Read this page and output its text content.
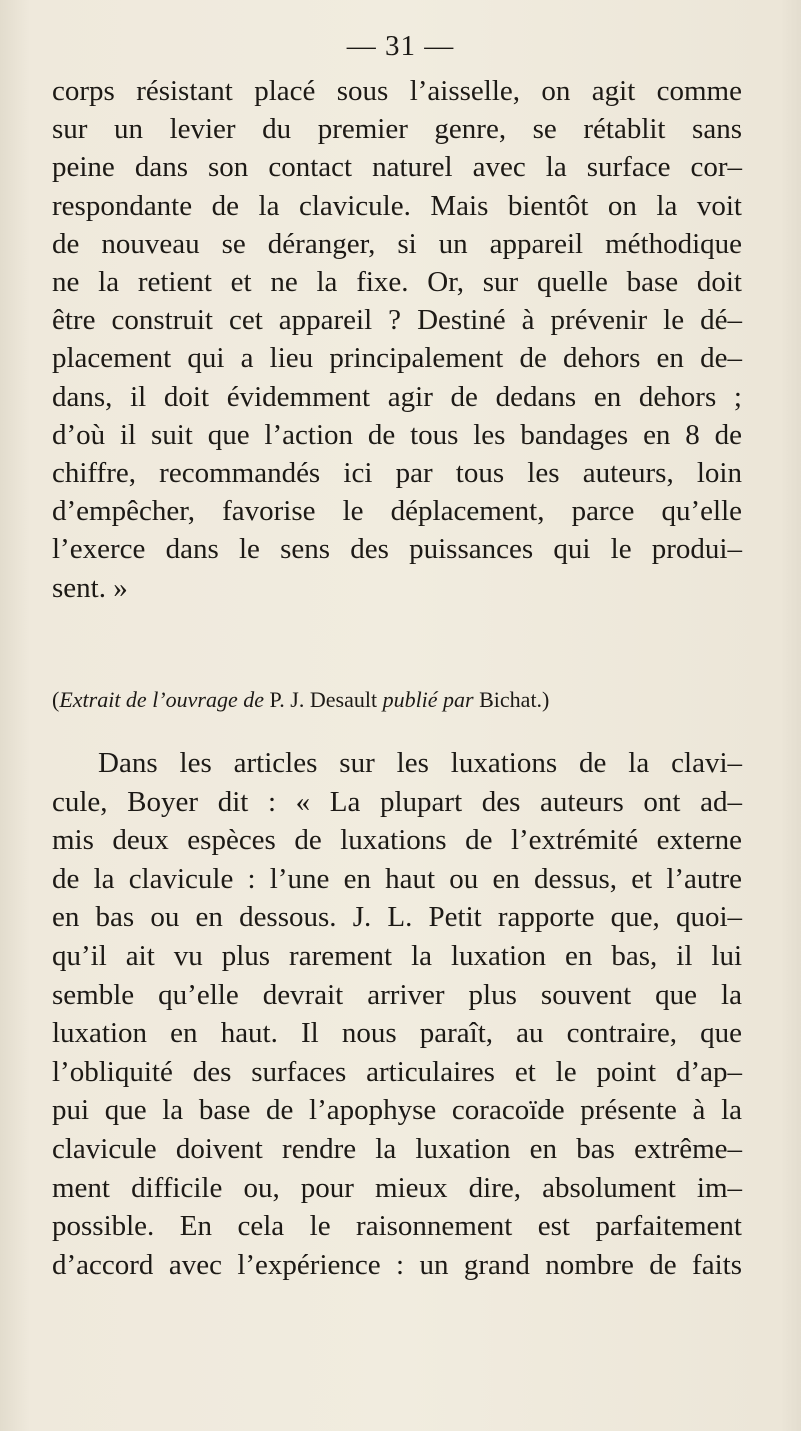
— 31 —
corps résistant placé sous l’aisselle, on agit comme
sur un levier du premier genre, se rétablit sans
peine dans son contact naturel avec la surface cor–
respondante de la clavicule. Mais bientôt on la voit
de nouveau se déranger, si un appareil méthodique
ne la retient et ne la fixe. Or, sur quelle base doit
être construit cet appareil ? Destiné à prévenir le dé–
placement qui a lieu principalement de dehors en de–
dans, il doit évidemment agir de dedans en dehors ;
d’où il suit que l’action de tous les bandages en 8 de
chiffre, recommandés ici par tous les auteurs, loin
d’empêcher, favorise le déplacement, parce qu’elle
l’exerce dans le sens des puissances qui le produi–
sent. »
(Extrait de l’ouvrage de P. J. Desault publié par Bichat.)
Dans les articles sur les luxations de la clavi–
cule, Boyer dit : « La plupart des auteurs ont ad–
mis deux espèces de luxations de l’extrémité externe
de la clavicule : l’une en haut ou en dessus, et l’autre
en bas ou en dessous. J. L. Petit rapporte que, quoi–
qu’il ait vu plus rarement la luxation en bas, il lui
semble qu’elle devrait arriver plus souvent que la
luxation en haut. Il nous paraît, au contraire, que
l’obliquité des surfaces articulaires et le point d’ap–
pui que la base de l’apophyse coracoïde présente à la
clavicule doivent rendre la luxation en bas extrême–
ment difficile ou, pour mieux dire, absolument im–
possible. En cela le raisonnement est parfaitement
d’accord avec l’expérience : un grand nombre de faits
